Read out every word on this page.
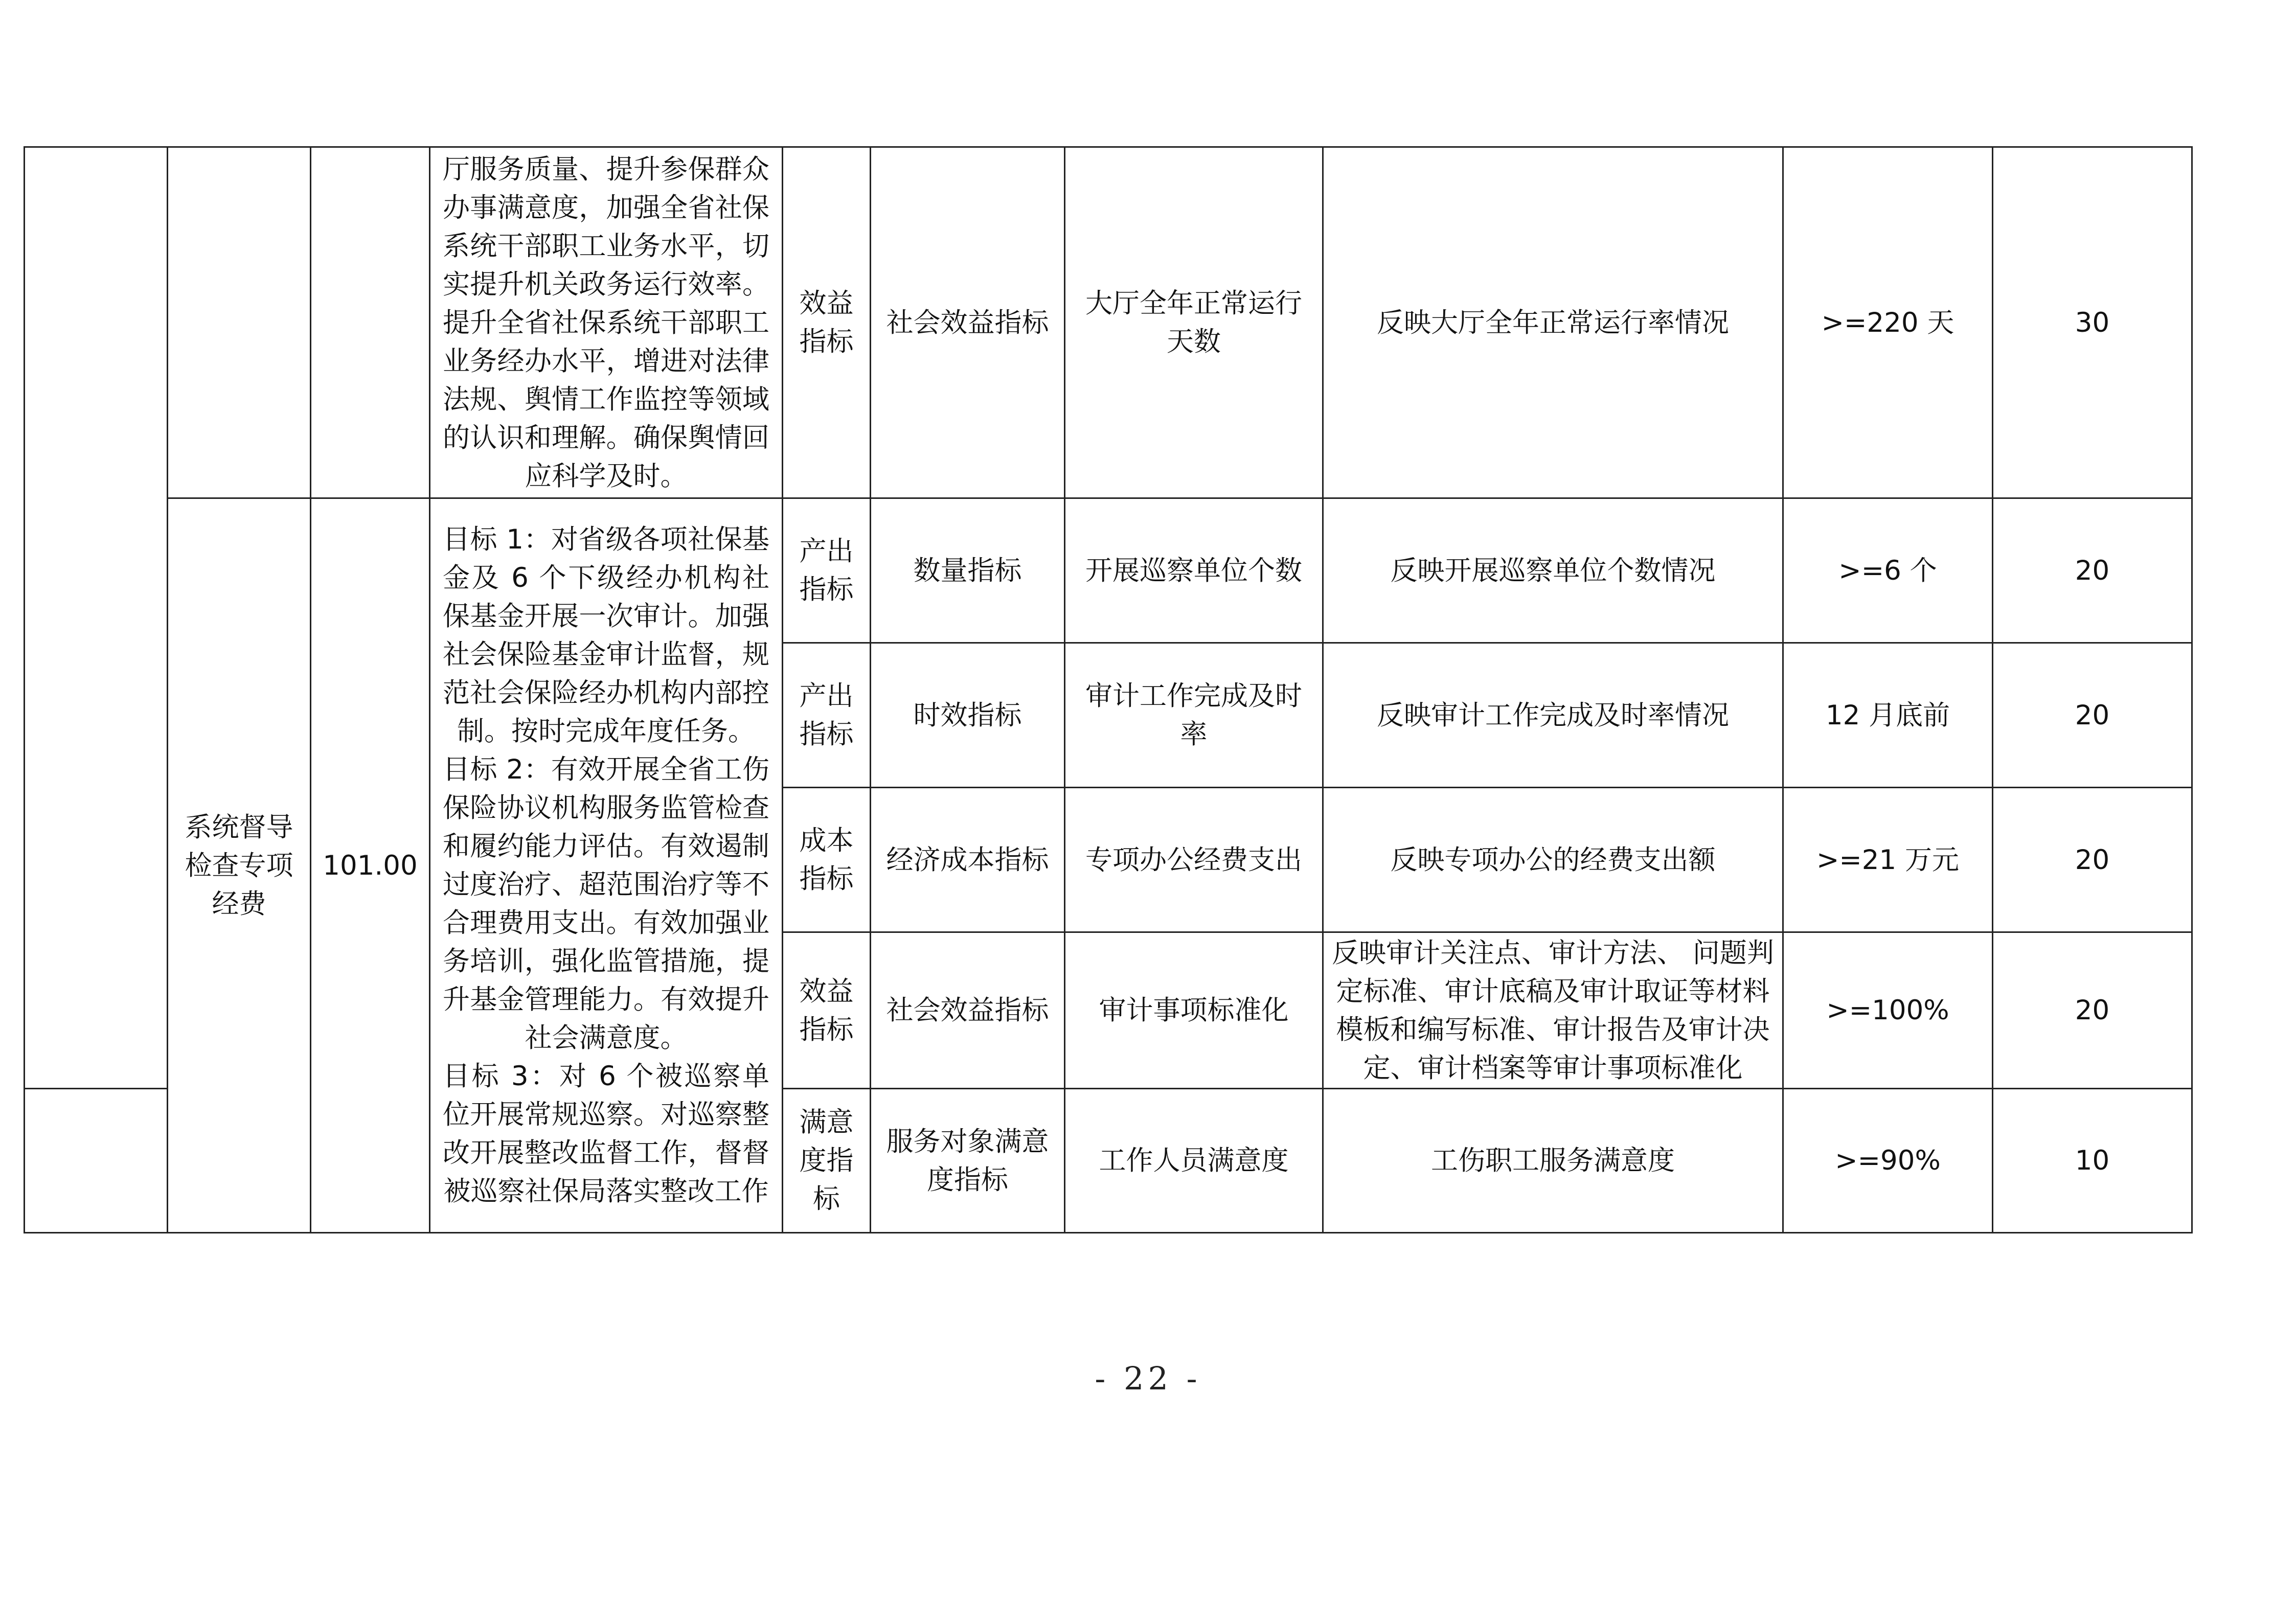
			厅服务质量、提升参保群众办事满意度，加强全省社保系统干部职工业务水平，切实提升机关政务运行效率。提升全省社保系统干部职工业务经办水平，增进对法律法规、舆情工作监控等领域的认识和理解。确保舆情回应科学及时。	效益指标	社会效益指标	大厅全年正常运行天数	反映大厅全年正常运行率情况	>=220 天	30

	系统督导检查专项经费	101.00	目标 1：对省级各项社保基金及 6 个下级经办机构社保基金开展一次审计。加强社会保险基金审计监督，规范社会保险经办机构内部控制。按时完成年度任务。
目标 2：有效开展全省工伤保险协议机构服务监管检查和履约能力评估。有效遏制过度治疗、超范围治疗等不合理费用支出。有效加强业务培训，强化监管措施，提升基金管理能力。有效提升社会满意度。
目标 3：对 6 个被巡察单位开展常规巡察。对巡察整改开展整改监督工作，督督被巡察社保局落实整改工作	产出指标	数量指标	开展巡察单位个数	反映开展巡察单位个数情况	>=6 个	20

				产出指标	时效指标	审计工作完成及时率	反映审计工作完成及时率情况	12 月底前	20

				成本指标	经济成本指标	专项办公经费支出	反映专项办公的经费支出额	>=21 万元	20

				效益指标	社会效益指标	审计事项标准化	反映审计关注点、审计方法、 问题判定标准、审计底稿及审计取证等材料模板和编写标准、审计报告及审计决定、审计档案等审计事项标准化	>=100%	20

				满意度指标	服务对象满意度指标	工作人员满意度	工伤职工服务满意度	>=90%	10
- 22 -
